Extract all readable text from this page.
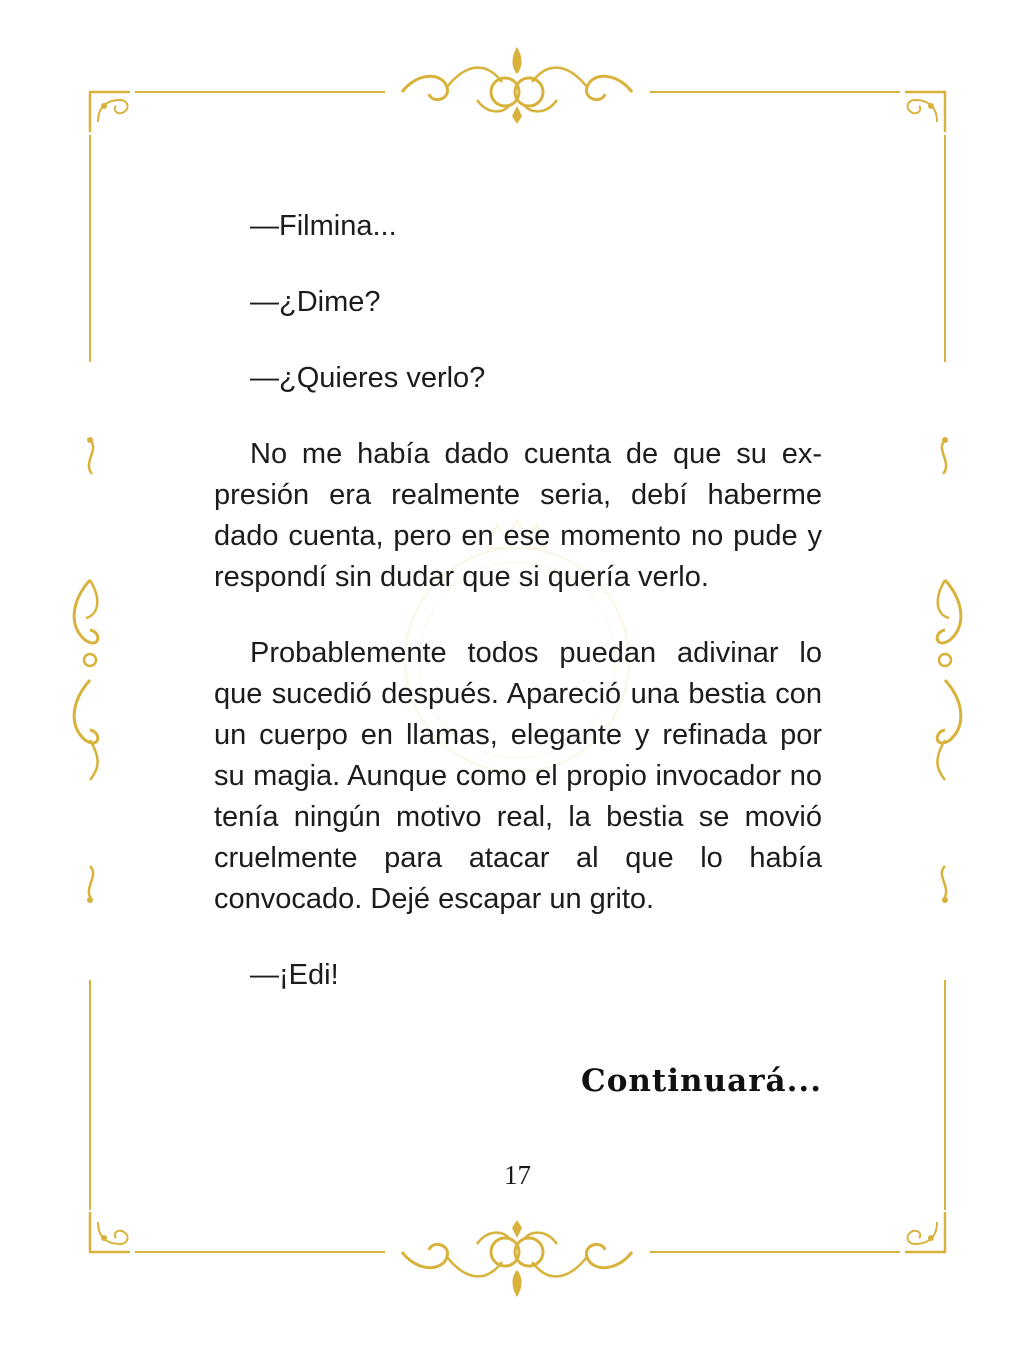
—Filmina...

—¿Dime?

—¿Quieres verlo?

No me había dado cuenta de que su expresión era realmente seria, debí haberme dado cuenta, pero en ese momento no pude y respondí sin dudar que si quería verlo.

Probablemente todos puedan adivinar lo que sucedió después. Apareció una bestia con un cuerpo en llamas, elegante y refinada por su magia. Aunque como el propio invocador no tenía ningún motivo real, la bestia se movió cruelmente para atacar al que lo había convocado. Dejé escapar un grito.

—¡Edi!

Continuará...
17
